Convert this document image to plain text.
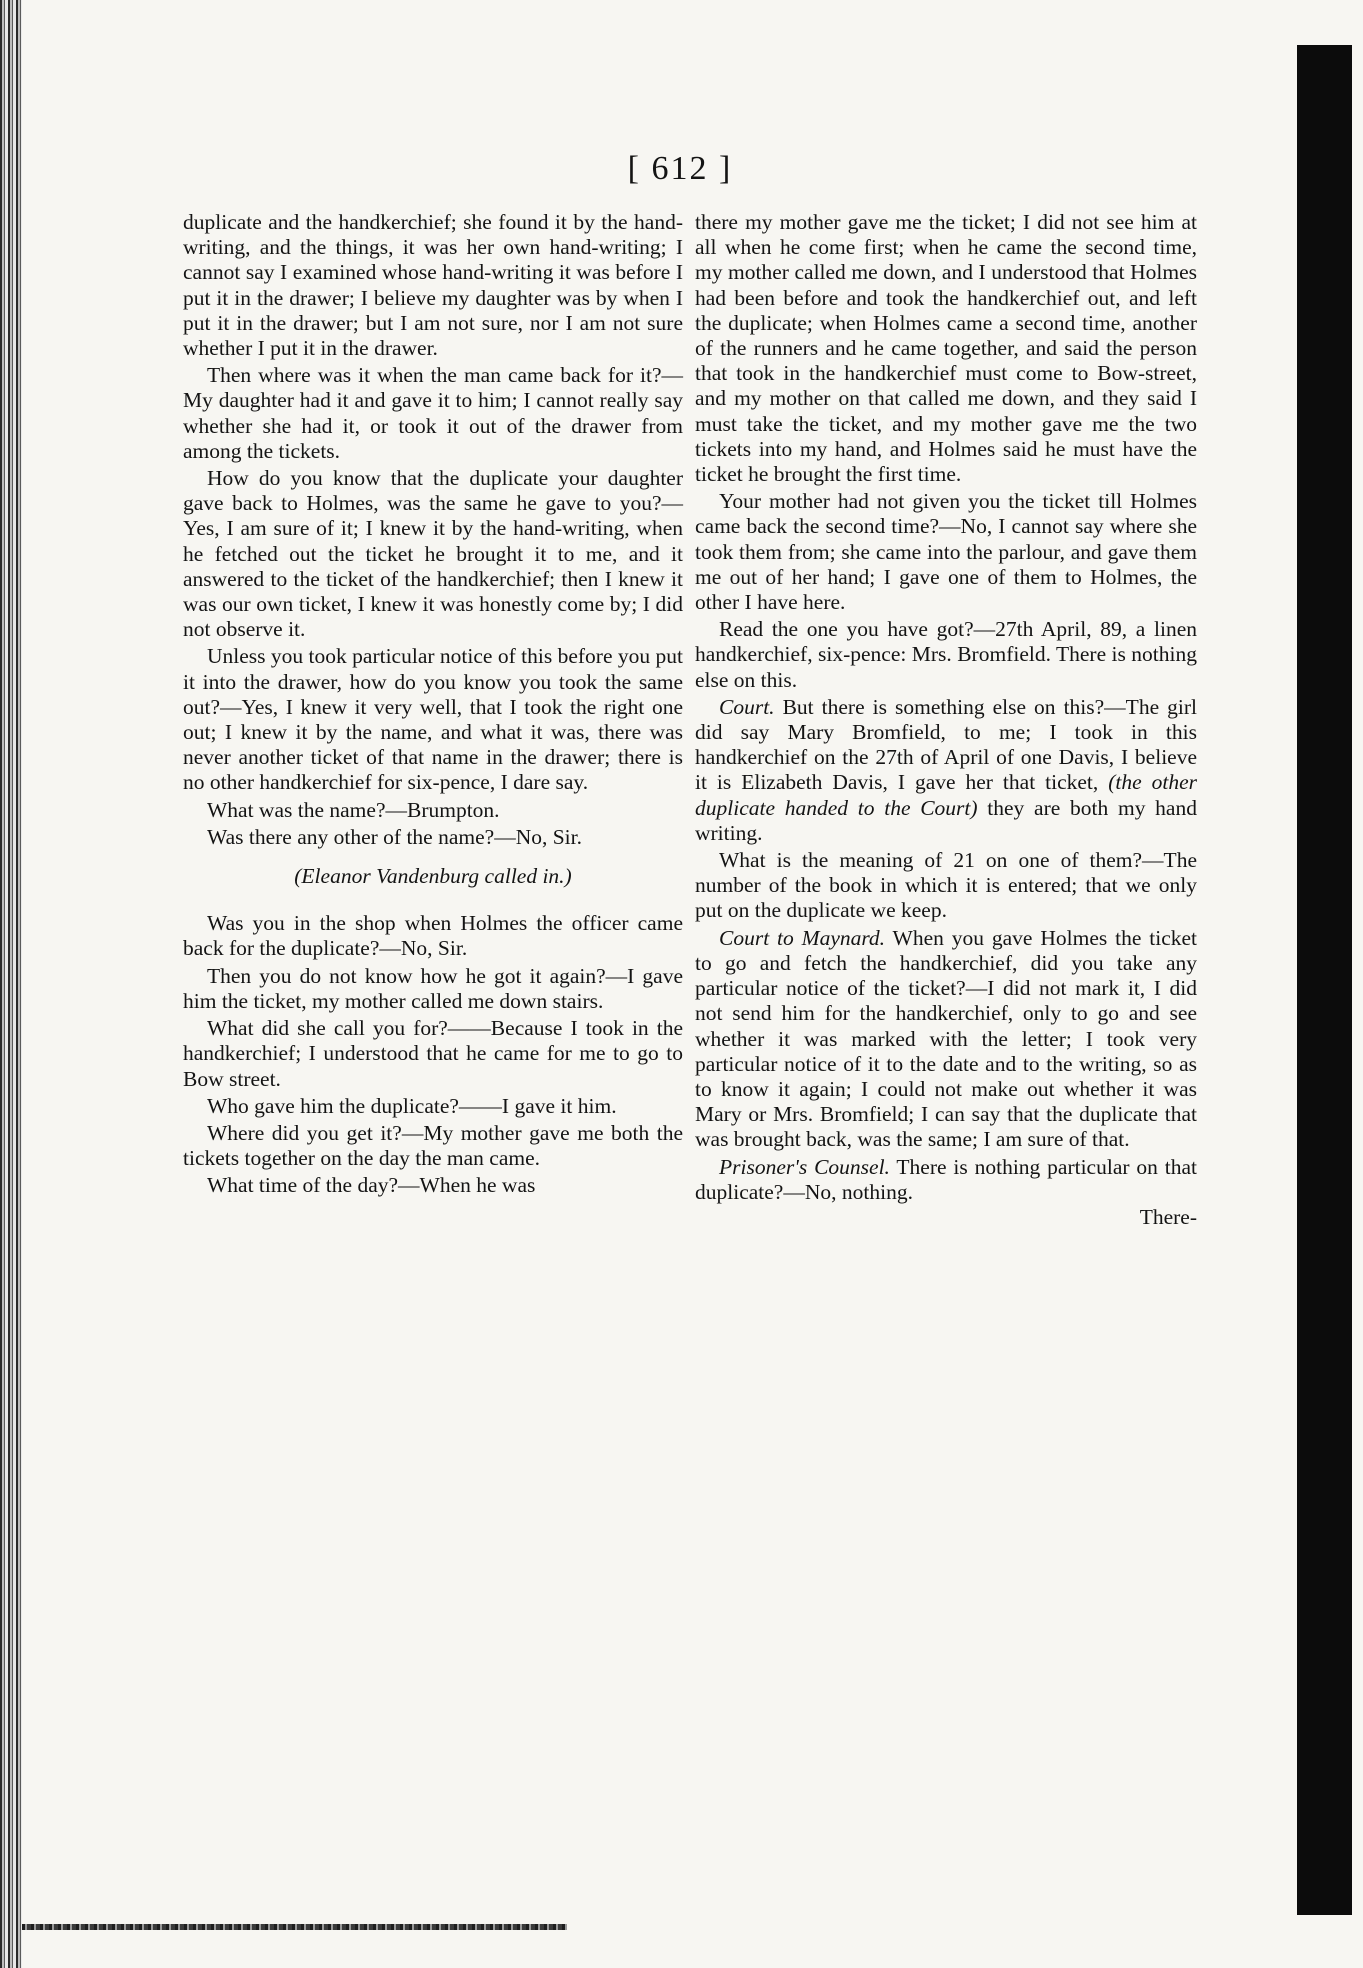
[ 612 ]

duplicate and the handkerchief; she found it by the hand-writing, and the things, it was her own hand-writing; I cannot say I examined whose hand-writing it was before I put it in the drawer; I believe my daughter was by when I put it in the drawer; but I am not sure, nor I am not sure whether I put it in the drawer.

Then where was it when the man came back for it?—My daughter had it and gave it to him; I cannot really say whether she had it, or took it out of the drawer from among the tickets.

How do you know that the duplicate your daughter gave back to Holmes, was the same he gave to you?—Yes, I am sure of it; I knew it by the hand-writing, when he fetched out the ticket he brought it to me, and it answered to the ticket of the handkerchief; then I knew it was our own ticket, I knew it was honestly come by; I did not observe it.

Unless you took particular notice of this before you put it into the drawer, how do you know you took the same out?—Yes, I knew it very well, that I took the right one out; I knew it by the name, and what it was, there was never another ticket of that name in the drawer; there is no other handkerchief for six-pence, I dare say.

What was the name?—Brumpton.

Was there any other of the name?—No, Sir.

(Eleanor Vandenburg called in.)

Was you in the shop when Holmes the officer came back for the duplicate?—No, Sir.

Then you do not know how he got it again?—I gave him the ticket, my mother called me down stairs.

What did she call you for?——Because I took in the handkerchief; I understood that he came for me to go to Bow street.

Who gave him the duplicate?——I gave it him.

Where did you get it?—My mother gave me both the tickets together on the day the man came.

What time of the day?—When he was

there my mother gave me the ticket; I did not see him at all when he come first; when he came the second time, my mother called me down, and I understood that Holmes had been before and took the handkerchief out, and left the duplicate; when Holmes came a second time, another of the runners and he came together, and said the person that took in the handkerchief must come to Bow-street, and my mother on that called me down, and they said I must take the ticket, and my mother gave me the two tickets into my hand, and Holmes said he must have the ticket he brought the first time.

Your mother had not given you the ticket till Holmes came back the second time?—No, I cannot say where she took them from; she came into the parlour, and gave them me out of her hand; I gave one of them to Holmes, the other I have here.

Read the one you have got?—27th April, 89, a linen handkerchief, six-pence: Mrs. Bromfield. There is nothing else on this.

Court. But there is something else on this?—The girl did say Mary Bromfield, to me; I took in this handkerchief on the 27th of April of one Davis, I believe it is Elizabeth Davis, I gave her that ticket, (the other duplicate handed to the Court) they are both my hand writing.

What is the meaning of 21 on one of them?—The number of the book in which it is entered; that we only put on the duplicate we keep.

Court to Maynard. When you gave Holmes the ticket to go and fetch the handkerchief, did you take any particular notice of the ticket?—I did not mark it, I did not send him for the handkerchief, only to go and see whether it was marked with the letter; I took very particular notice of it to the date and to the writing, so as to know it again; I could not make out whether it was Mary or Mrs. Bromfield; I can say that the duplicate that was brought back, was the same; I am sure of that.

Prisoner's Counsel. There is nothing particular on that duplicate?—No, nothing.

There-
